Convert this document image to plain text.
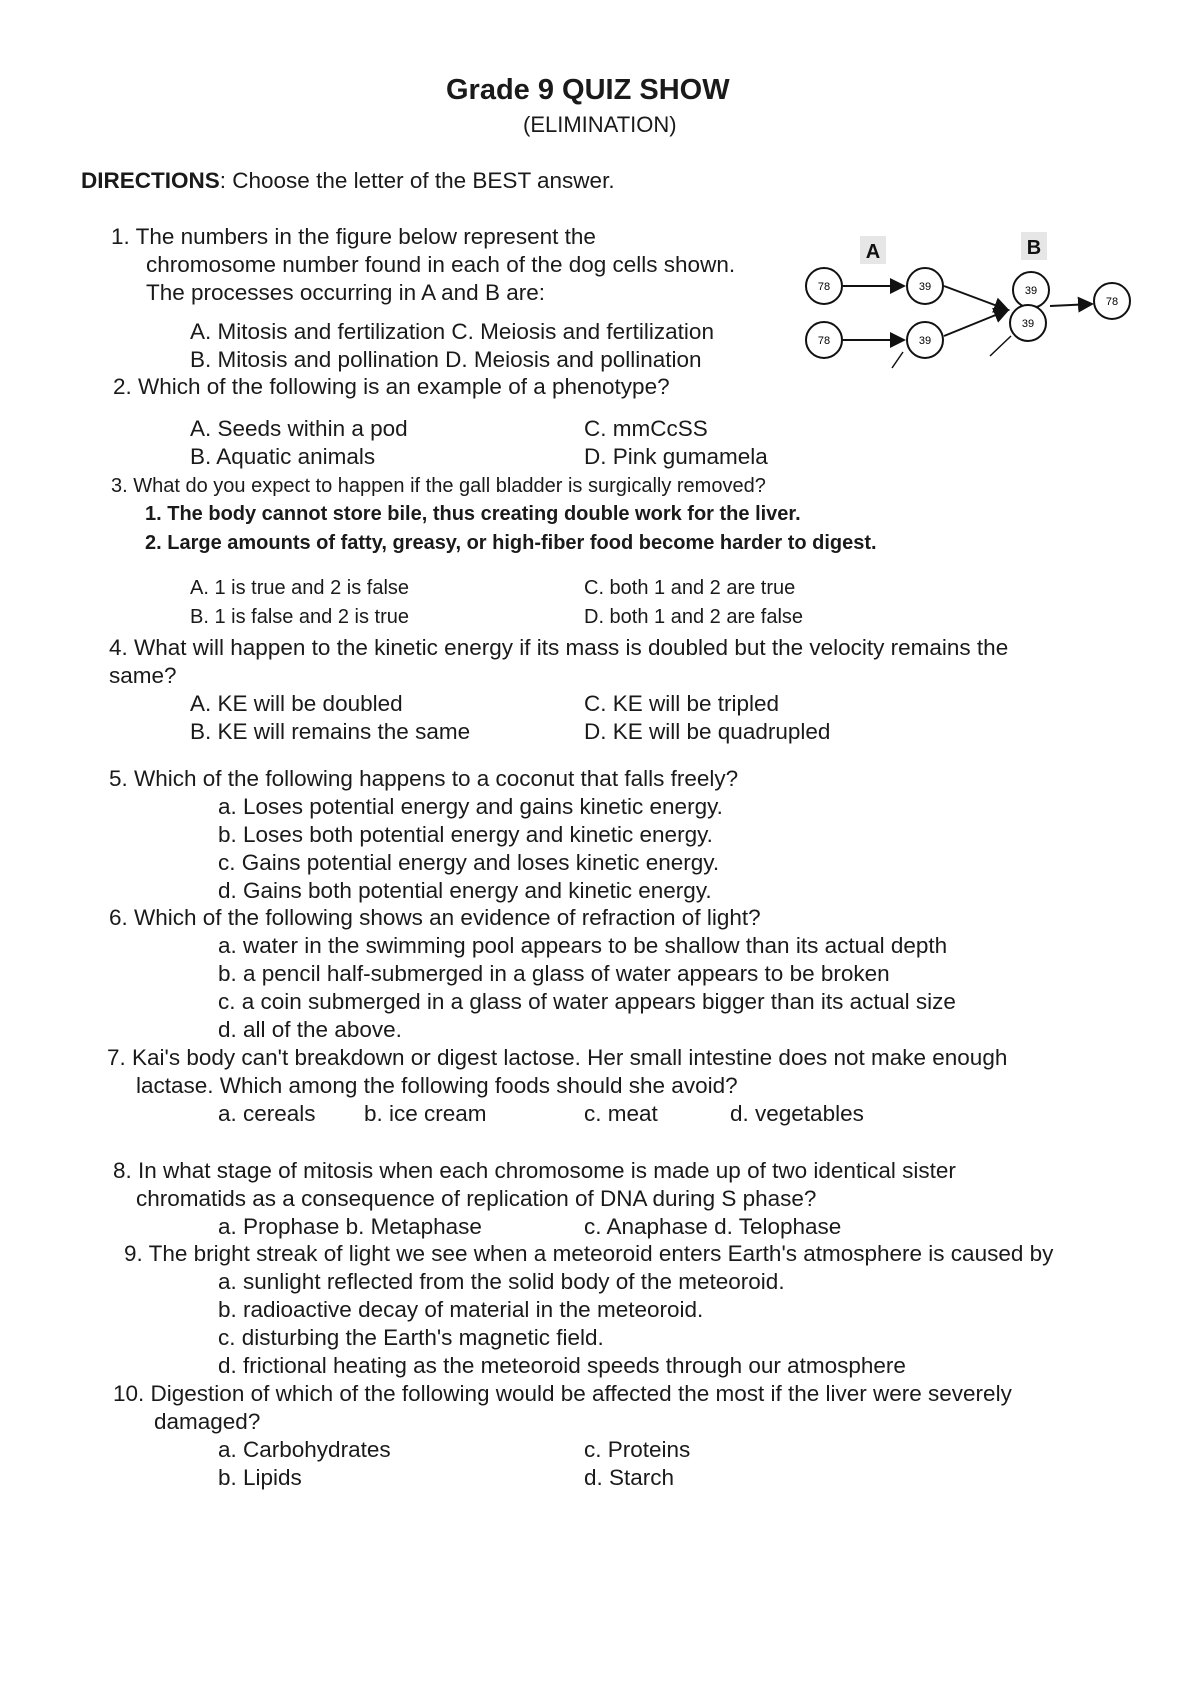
Grade 9 QUIZ SHOW
(ELIMINATION)
DIRECTIONS: Choose the letter of the BEST answer.
1. The numbers in the figure below represent the
chromosome number found in each of the dog cells shown.
The processes occurring in A and B are:
A. Mitosis and fertilization C. Meiosis and fertilization
B. Mitosis and pollination D. Meiosis and pollination
A	B
78	39
78	39
39
39
78
2. Which of the following is an example of a phenotype?
A. Seeds within a pod	C. mmCcSS
B. Aquatic animals	D. Pink gumamela
3. What do you expect to happen if the gall bladder is surgically removed?
1. The body cannot store bile, thus creating double work for the liver.
2. Large amounts of fatty, greasy, or high-fiber food become harder to digest.
A. 1 is true and 2 is false	C. both 1 and 2 are true
B. 1 is false and 2 is true	D. both 1 and 2 are false
4. What will happen to the kinetic energy if its mass is doubled but the velocity remains the
same?
A. KE will be doubled	C. KE will be tripled
B. KE will remains the same	D. KE will be quadrupled
5. Which of the following happens to a coconut that falls freely?
a. Loses potential energy and gains kinetic energy.
b. Loses both potential energy and kinetic energy.
c. Gains potential energy and loses kinetic energy.
d. Gains both potential energy and kinetic energy.
6. Which of the following shows an evidence of refraction of light?
a. water in the swimming pool appears to be shallow than its actual depth
b. a pencil half-submerged in a glass of water appears to be broken
c. a coin submerged in a glass of water appears bigger than its actual size
d. all of the above.
7. Kai's body can't breakdown or digest lactose. Her small intestine does not make enough
lactase. Which among the following foods should she avoid?
a. cereals b. ice cream	c. meat	d. vegetables
8. In what stage of mitosis when each chromosome is made up of two identical sister
chromatids as a consequence of replication of DNA during S phase?
a. Prophase b. Metaphase	c. Anaphase d. Telophase
9. The bright streak of light we see when a meteoroid enters Earth's atmosphere is caused by
a. sunlight reflected from the solid body of the meteoroid.
b. radioactive decay of material in the meteoroid.
c. disturbing the Earth's magnetic field.
d. frictional heating as the meteoroid speeds through our atmosphere
10. Digestion of which of the following would be affected the most if the liver were severely
damaged?
a. Carbohydrates	c. Proteins
b. Lipids	d. Starch
